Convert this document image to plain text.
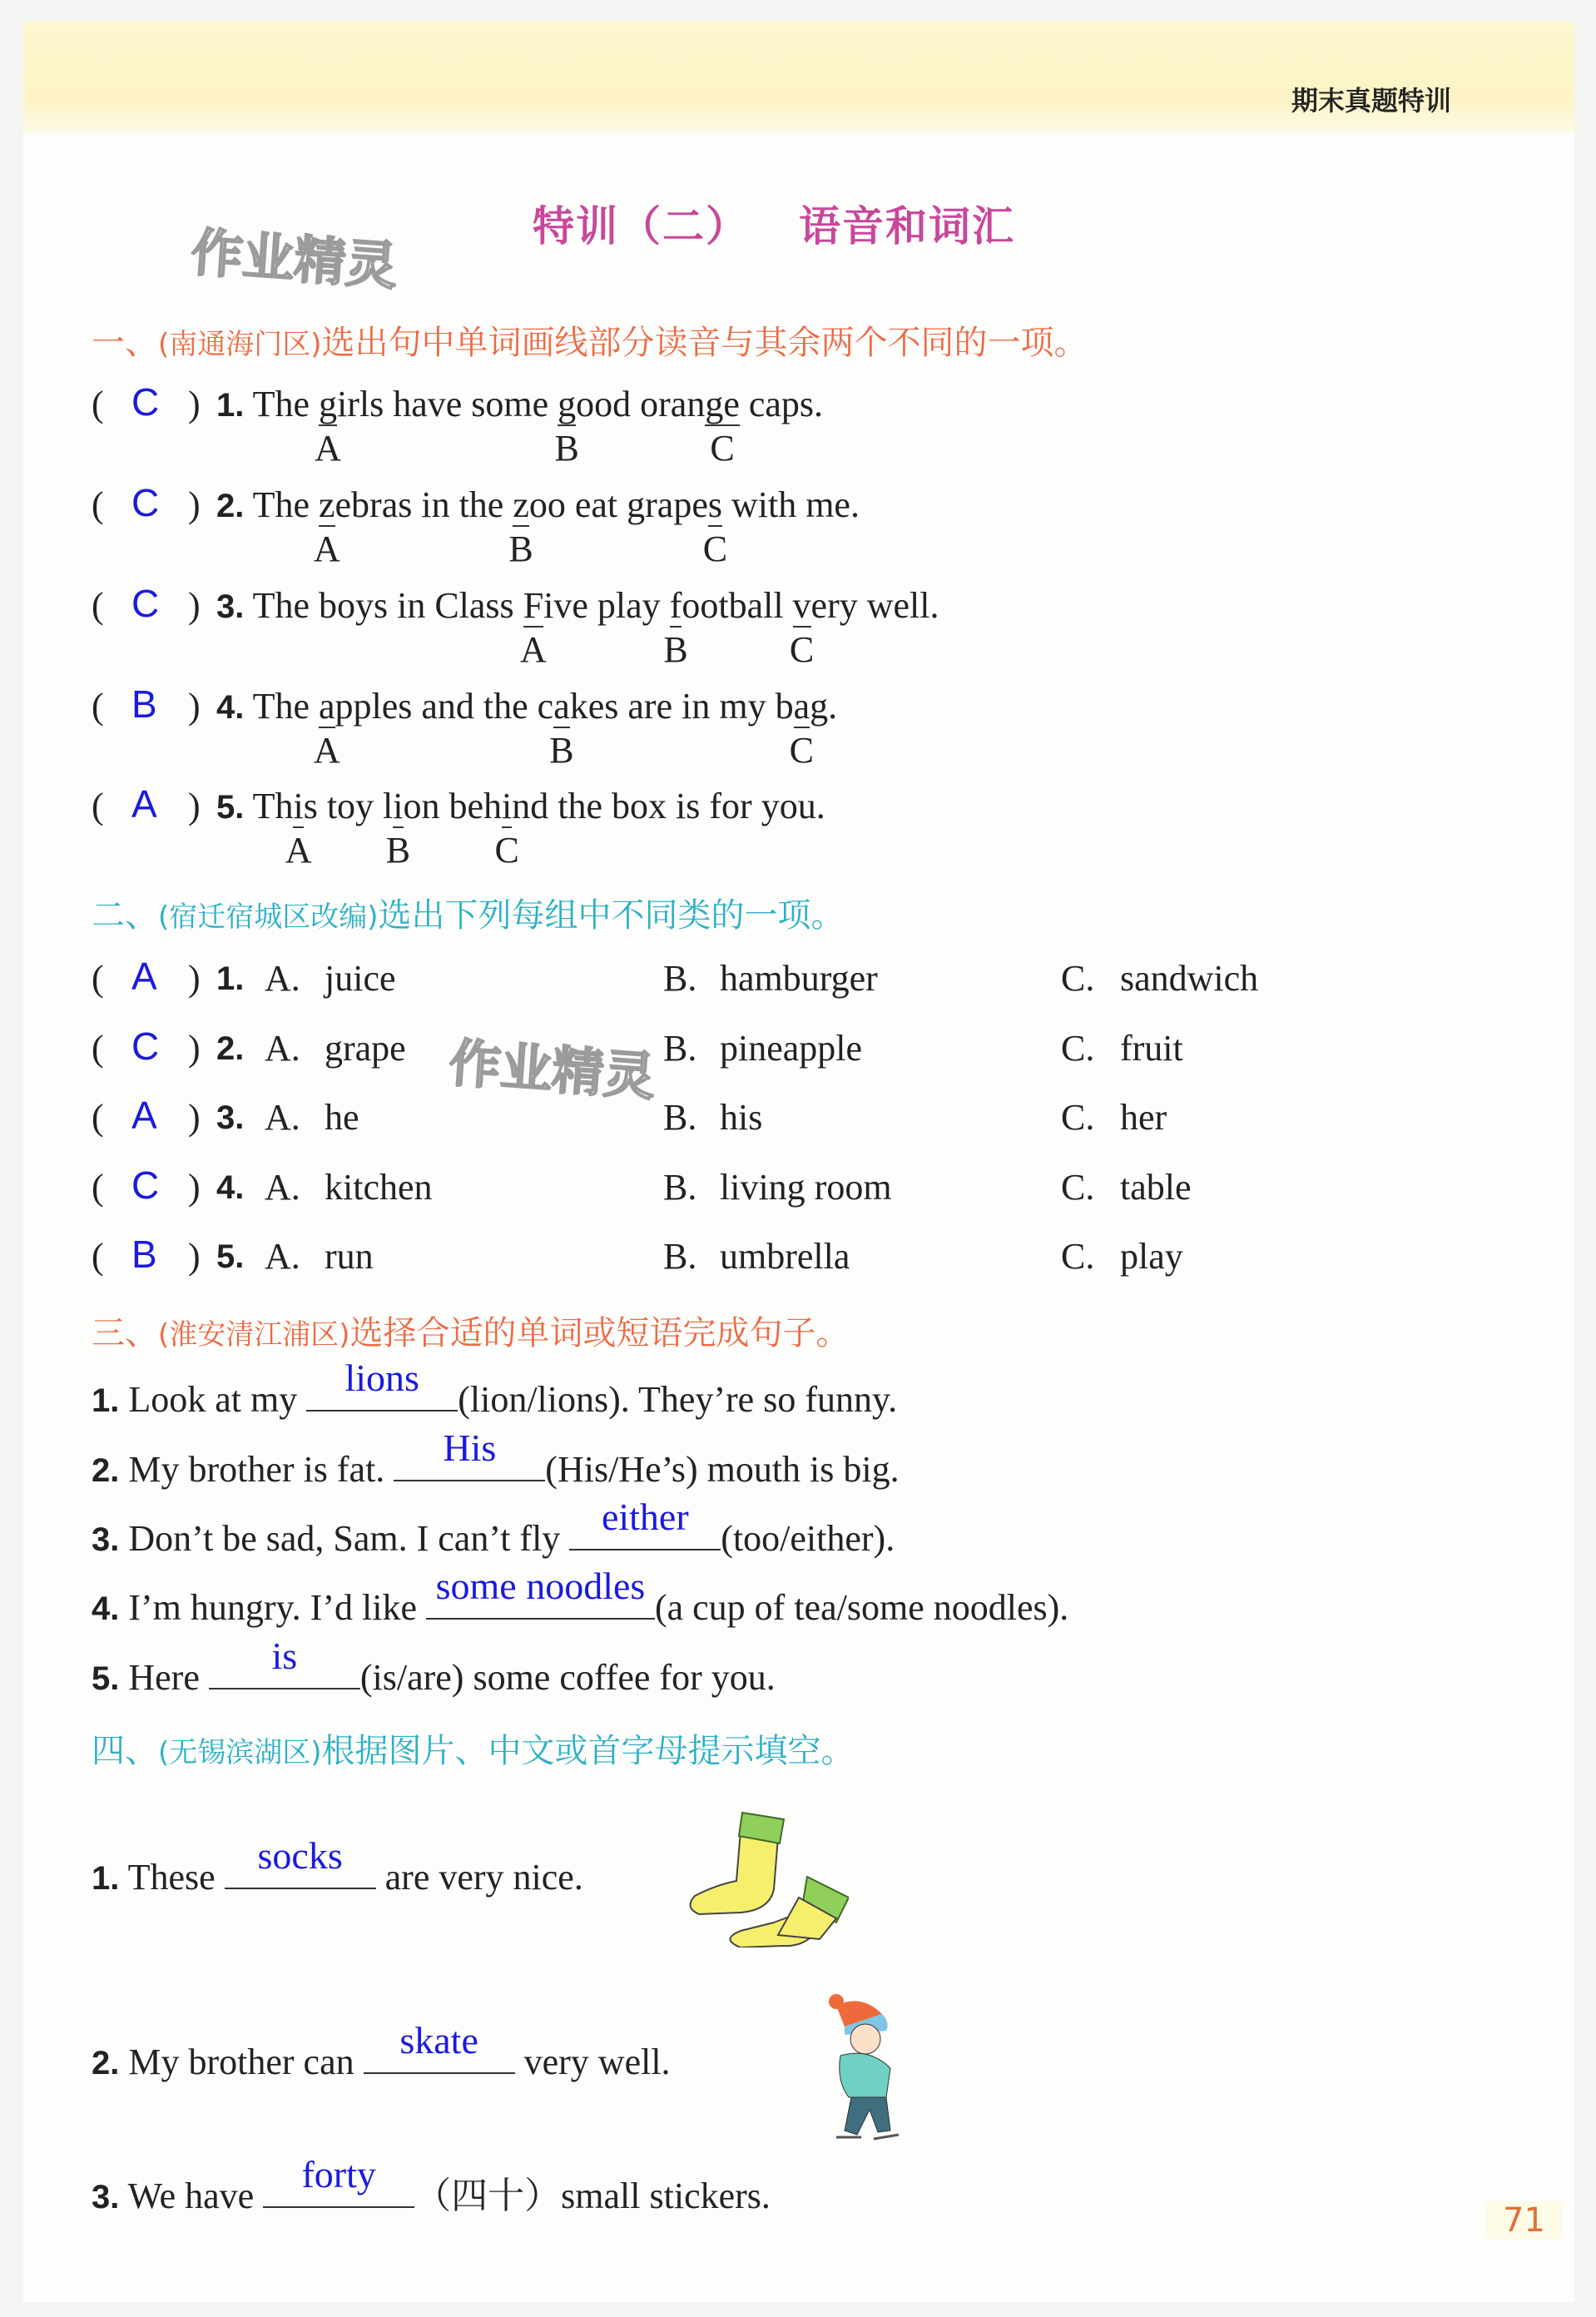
期末真题特训
特训（二） 语音和词汇
作业精灵
作业精灵
一、(南通海门区)选出句中单词画线部分读音与其余两个不同的一项。
( C ) 1. The g
A
irls have some g
B
ood orange
C
caps.
( C ) 2. The z
A
ebras in the z
B
oo eat grapes
C
with me.
( C ) 3. The boys in Class F
A
ive play f
B
ootball v
C
ery well.
( B ) 4. The a
A
pples and the ca
B
kes are in my ba
C
g.
( A ) 5. Thi
A
s toy li
B
on behi
C
nd the box is for you.
二、(宿迁宿城区改编)选出下列每组中不同类的一项。
( A ) 1. A. juice	B. hamburger	C. sandwich
( C ) 2. A. grape	B. pineapple	C. fruit
( A ) 3. A. he	B. his	C. her
( C ) 4. A. kitchen	B. living room	C. table
( B ) 5. A. run	B. umbrella	C. play
三、(淮安清江浦区)选择合适的单词或短语完成句子。
1. Look at my
lions
(lion/lions). They’re so funny.
2. My brother is fat.
His
(His/He’s) mouth is big.
3. Don’t be sad, Sam. I can’t fly
either
(too/either).
4. I’m hungry. I’d like
some noodles
(a cup of tea/some noodles).
5. Here
is
(is/are) some coffee for you.
四、(无锡滨湖区)根据图片、中文或首字母提示填空。
1. These
socks
are very nice.
2. My brother can
skate
very well.
3. We have
forty
（四十）small stickers.
71
